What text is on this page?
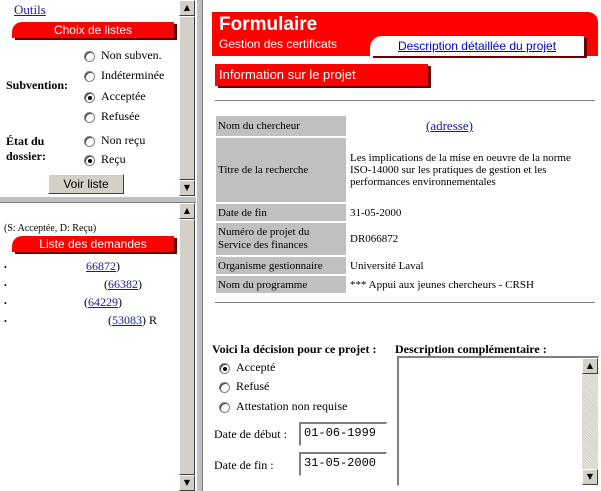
Outils
Choix de listes
Subvention:
Non subven.
Indéterminée
Acceptée
Refusée
État du
dossier:
Non reçu
Reçu
Voir liste
▲
▼
(S: Acceptée, D: Reçu)
Liste des demandes
•	66872)
•	(66382)
•	(64229)
•	(53083) R
▲
▼
Formulaire
Gestion des certificats	Description détaillée du projet
Information sur le projet
Nom du chercheur	(adresse)
Titre de la recherche	Les implications de la mise en oeuvre de la norme ISO-14000 sur les pratiques de gestion et les performances environnementales
Date de fin	31-05-2000
Numéro de projet du Service des finances	DR066872
Organisme gestionnaire	Université Laval
Nom du programme	*** Appui aux jeunes chercheurs - CRSH
Voici la décision pour ce projet : Description complémentaire :
Accepté
Refusé
Attestation non requise
▲
▼
Date de début :	01-06-1999
Date de fin :	31-05-2000
